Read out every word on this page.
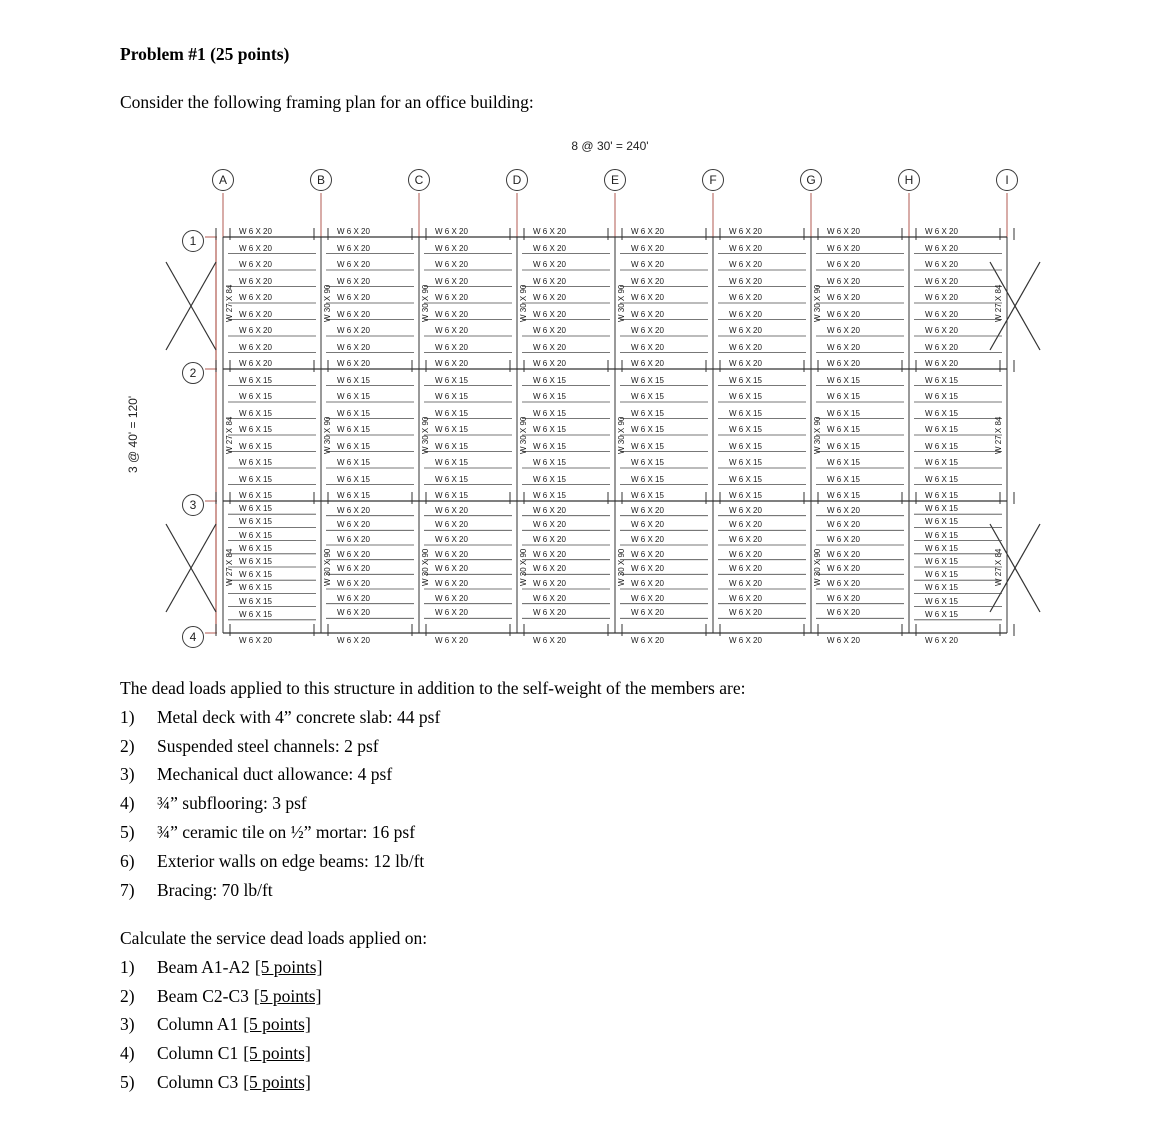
Problem #1 (25 points)

Consider the following framing plan for an office building:

8 @ 30' = 240'
3 @ 40' = 120'
W 6 X 20
W 6 X 20
W 6 X 20
W 6 X 20
W 6 X 20
W 6 X 20
W 6 X 20
W 6 X 20
W 6 X 20
W 6 X 20
W 6 X 20
W 6 X 20
W 6 X 20
W 6 X 20
W 6 X 20
W 6 X 20
W 6 X 20
W 6 X 20
W 6 X 20
W 6 X 20
W 6 X 20
W 6 X 20
W 6 X 20
W 6 X 20
W 6 X 20
W 6 X 20
W 6 X 20
W 6 X 20
W 6 X 20
W 6 X 20
W 6 X 20
W 6 X 20
W 6 X 20
W 6 X 20
W 6 X 20
W 6 X 20
W 6 X 20
W 6 X 20
W 6 X 20
W 6 X 20
W 6 X 20
W 6 X 20
W 6 X 20
W 6 X 20
W 6 X 20
W 6 X 20
W 6 X 20
W 6 X 20
W 6 X 20
W 6 X 20
W 6 X 20
W 6 X 20
W 6 X 20
W 6 X 20
W 6 X 20
W 6 X 20
W 6 X 20
W 6 X 20
W 6 X 20
W 6 X 20
W 6 X 20
W 6 X 20
W 6 X 20
W 6 X 20
W 6 X 20
W 6 X 20
W 6 X 20
W 6 X 20
W 6 X 20
W 6 X 20
W 6 X 20
W 6 X 20
W 6 X 15
W 6 X 15
W 6 X 15
W 6 X 15
W 6 X 15
W 6 X 15
W 6 X 15
W 6 X 15
W 6 X 15
W 6 X 15
W 6 X 15
W 6 X 15
W 6 X 15
W 6 X 15
W 6 X 15
W 6 X 15
W 6 X 15
W 6 X 15
W 6 X 15
W 6 X 15
W 6 X 15
W 6 X 15
W 6 X 15
W 6 X 15
W 6 X 15
W 6 X 15
W 6 X 15
W 6 X 15
W 6 X 15
W 6 X 15
W 6 X 15
W 6 X 15
W 6 X 15
W 6 X 15
W 6 X 15
W 6 X 15
W 6 X 15
W 6 X 15
W 6 X 15
W 6 X 15
W 6 X 15
W 6 X 15
W 6 X 15
W 6 X 15
W 6 X 15
W 6 X 15
W 6 X 15
W 6 X 15
W 6 X 15
W 6 X 15
W 6 X 15
W 6 X 15
W 6 X 15
W 6 X 15
W 6 X 15
W 6 X 15
W 6 X 15
W 6 X 15
W 6 X 15
W 6 X 15
W 6 X 15
W 6 X 15
W 6 X 15
W 6 X 15
W 6 X 15
W 6 X 15
W 6 X 15
W 6 X 15
W 6 X 15
W 6 X 15
W 6 X 15
W 6 X 15
W 6 X 15
W 6 X 20
W 6 X 20
W 6 X 20
W 6 X 20
W 6 X 20
W 6 X 20
W 6 X 20
W 6 X 20
W 6 X 20
W 6 X 20
W 6 X 20
W 6 X 20
W 6 X 20
W 6 X 20
W 6 X 20
W 6 X 20
W 6 X 20
W 6 X 20
W 6 X 20
W 6 X 20
W 6 X 20
W 6 X 20
W 6 X 20
W 6 X 20
W 6 X 20
W 6 X 20
W 6 X 20
W 6 X 20
W 6 X 20
W 6 X 20
W 6 X 20
W 6 X 20
W 6 X 20
W 6 X 20
W 6 X 20
W 6 X 20
W 6 X 20
W 6 X 20
W 6 X 20
W 6 X 20
W 6 X 20
W 6 X 20
W 6 X 20
W 6 X 20
W 6 X 20
W 6 X 20
W 6 X 20
W 6 X 20
W 6 X 20
W 6 X 20
W 6 X 20
W 6 X 20
W 6 X 20
W 6 X 20
W 6 X 20
W 6 X 15
W 6 X 15
W 6 X 15
W 6 X 15
W 6 X 15
W 6 X 15
W 6 X 15
W 6 X 15
W 6 X 15
W 6 X 20
W 27 X 84	W 30 X 90	W 30 X 90	W 30 X 90	W 30 X 90	W 30 X 90	W 27 X 84
W 27 X 84	W 30 X 90	W 30 X 90	W 30 X 90	W 30 X 90	W 30 X 90	W 27 X 84
W 27 X 84	W 30 X 90	W 30 X 90	W 30 X 90	W 30 X 90	W 30 X 90	W 27 X 84
A	B	C	D	E	F	G	H	I
1
2
3
4

The dead loads applied to this structure in addition to the self-weight of the members are:

1)	Metal deck with 4” concrete slab: 44 psf
2)	Suspended steel channels: 2 psf
3)	Mechanical duct allowance: 4 psf
4)	¾” subflooring: 3 psf
5)	¾” ceramic tile on ½” mortar: 16 psf
6)	Exterior walls on edge beams: 12 lb/ft
7)	Bracing: 70 lb/ft

Calculate the service dead loads applied on:

1)	Beam A1-A2 [5 points]
2)	Beam C2-C3 [5 points]
3)	Column A1 [5 points]
4)	Column C1 [5 points]
5)	Column C3 [5 points]
